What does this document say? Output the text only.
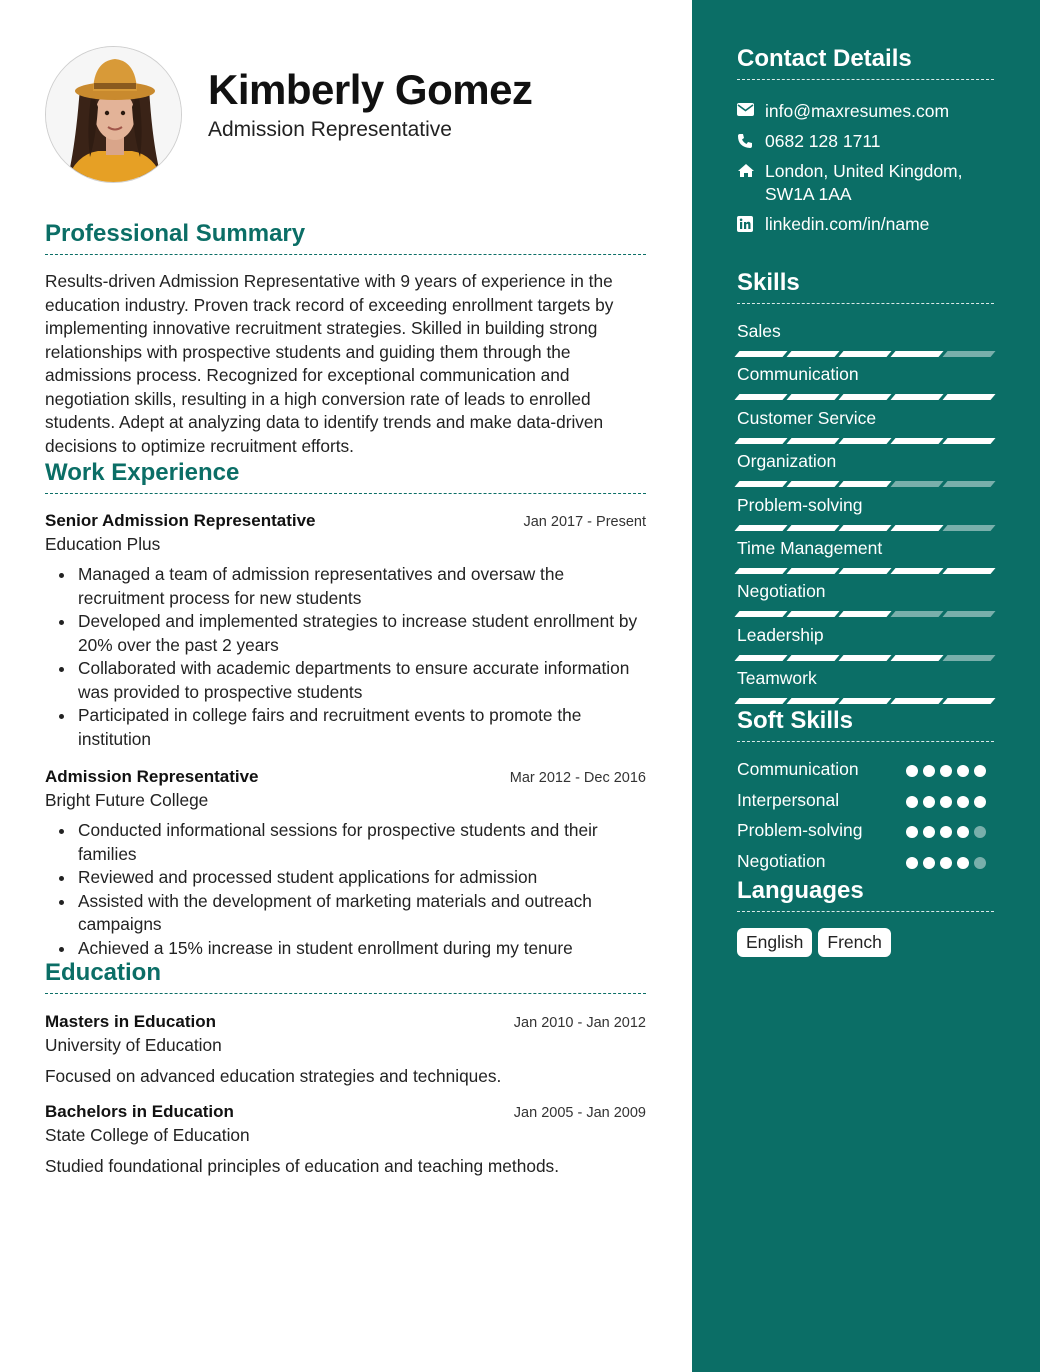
Kimberly Gomez
Admission Representative
Professional Summary
Results-driven Admission Representative with 9 years of experience in the education industry. Proven track record of exceeding enrollment targets by implementing innovative recruitment strategies. Skilled in building strong relationships with prospective students and guiding them through the admissions process. Recognized for exceptional communication and negotiation skills, resulting in a high conversion rate of leads to enrolled students. Adept at analyzing data to identify trends and make data-driven decisions to optimize recruitment efforts.
Work Experience
Senior Admission Representative	Jan 2017 - Present
Education Plus
Managed a team of admission representatives and oversaw the recruitment process for new students
Developed and implemented strategies to increase student enrollment by 20% over the past 2 years
Collaborated with academic departments to ensure accurate information was provided to prospective students
Participated in college fairs and recruitment events to promote the institution
Admission Representative	Mar 2012 - Dec 2016
Bright Future College
Conducted informational sessions for prospective students and their families
Reviewed and processed student applications for admission
Assisted with the development of marketing materials and outreach campaigns
Achieved a 15% increase in student enrollment during my tenure
Education
Masters in Education	Jan 2010 - Jan 2012
University of Education
Focused on advanced education strategies and techniques.
Bachelors in Education	Jan 2005 - Jan 2009
State College of Education
Studied foundational principles of education and teaching methods.
Contact Details
info@maxresumes.com
0682 128 1711
London, United Kingdom, SW1A 1AA
linkedin.com/in/name
Skills
Sales
Communication
Customer Service
Organization
Problem-solving
Time Management
Negotiation
Leadership
Teamwork
Soft Skills
Communication
Interpersonal
Problem-solving
Negotiation
Languages
English	French
